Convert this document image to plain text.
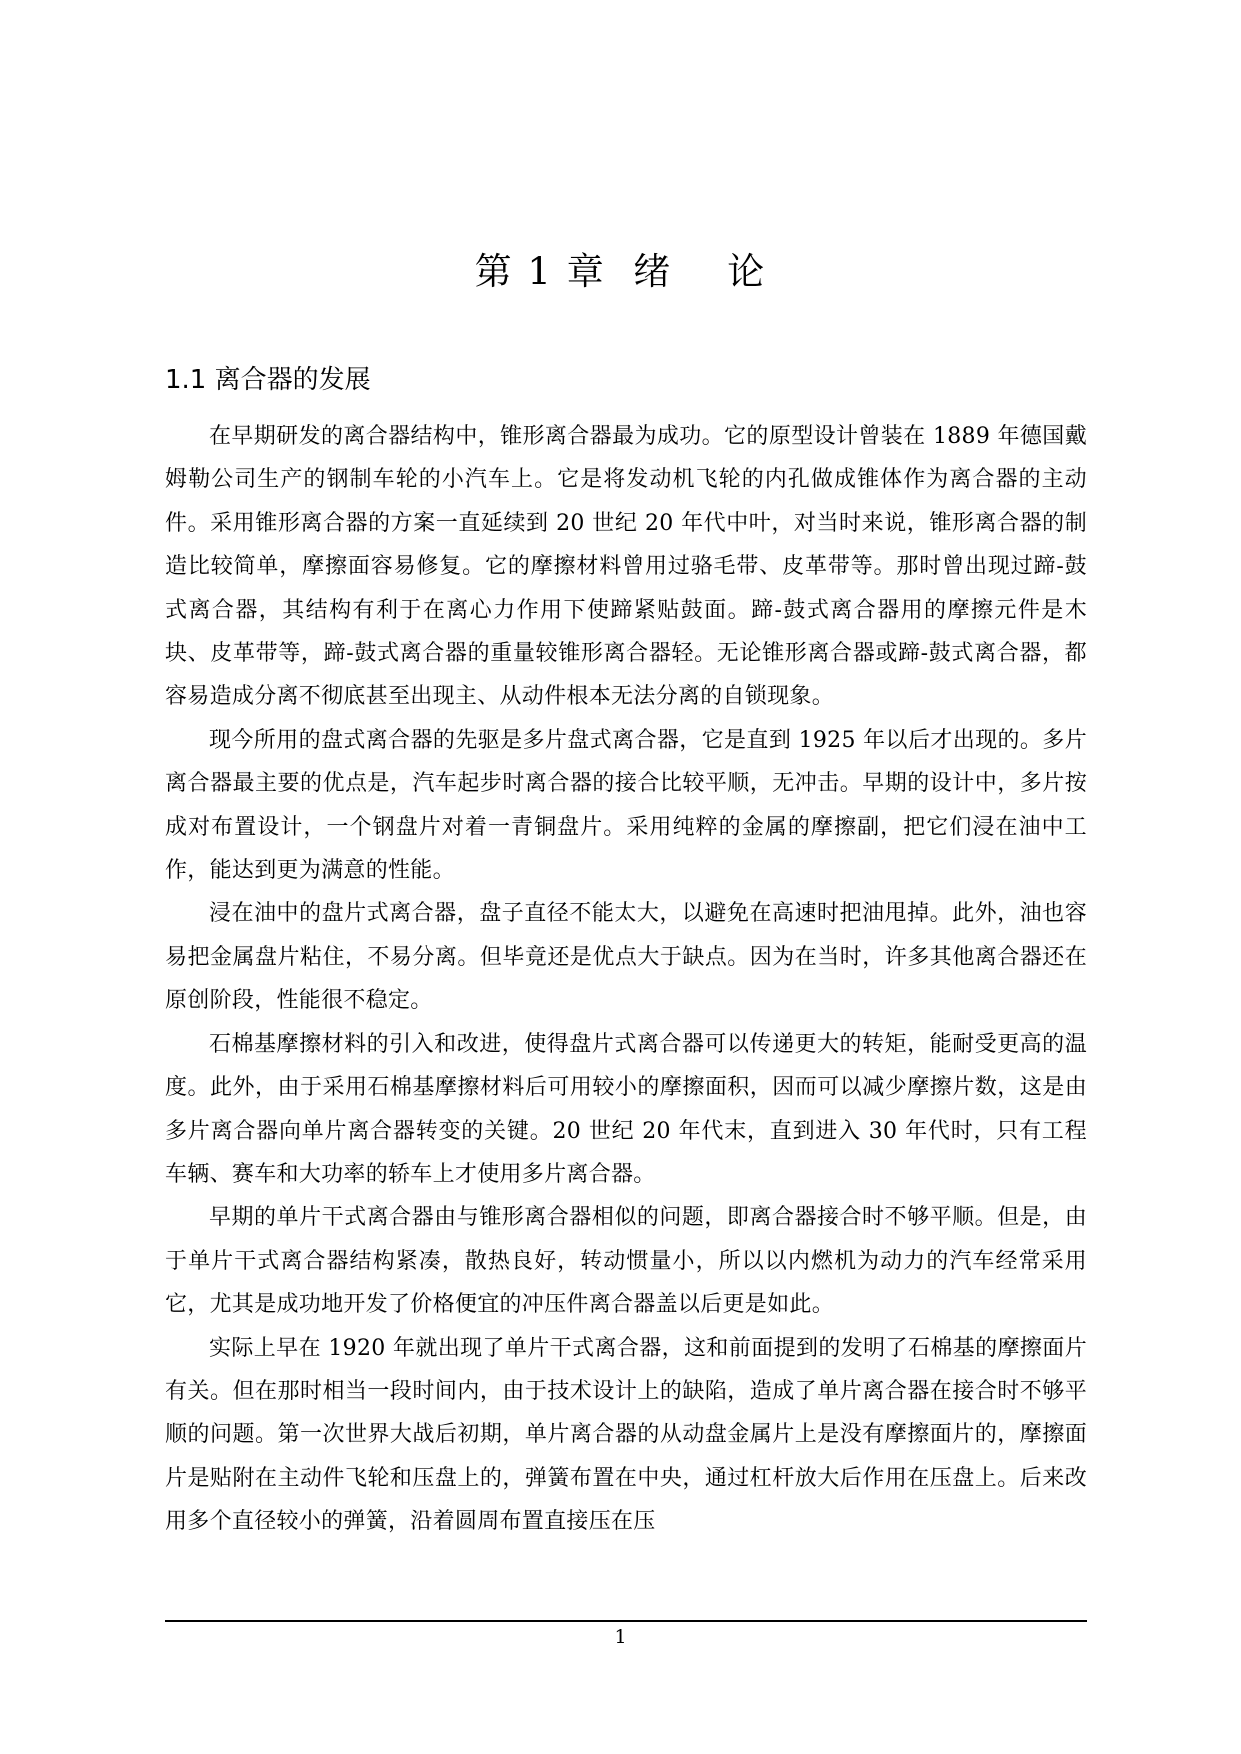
第 1 章  绪    论
1.1 离合器的发展

在早期研发的离合器结构中，锥形离合器最为成功。它的原型设计曾装在 1889 年德国戴姆勒公司生产的钢制车轮的小汽车上。它是将发动机飞轮的内孔做成锥体作为离合器的主动件。采用锥形离合器的方案一直延续到 20 世纪 20 年代中叶，对当时来说，锥形离合器的制造比较简单，摩擦面容易修复。它的摩擦材料曾用过骆毛带、皮革带等。那时曾出现过蹄-鼓式离合器，其结构有利于在离心力作用下使蹄紧贴鼓面。蹄-鼓式离合器用的摩擦元件是木块、皮革带等，蹄-鼓式离合器的重量较锥形离合器轻。无论锥形离合器或蹄-鼓式离合器，都容易造成分离不彻底甚至出现主、从动件根本无法分离的自锁现象。

现今所用的盘式离合器的先驱是多片盘式离合器，它是直到 1925 年以后才出现的。多片离合器最主要的优点是，汽车起步时离合器的接合比较平顺，无冲击。早期的设计中，多片按成对布置设计，一个钢盘片对着一青铜盘片。采用纯粹的金属的摩擦副，把它们浸在油中工作，能达到更为满意的性能。

浸在油中的盘片式离合器，盘子直径不能太大，以避免在高速时把油甩掉。此外，油也容易把金属盘片粘住，不易分离。但毕竟还是优点大于缺点。因为在当时，许多其他离合器还在原创阶段，性能很不稳定。

石棉基摩擦材料的引入和改进，使得盘片式离合器可以传递更大的转矩，能耐受更高的温度。此外，由于采用石棉基摩擦材料后可用较小的摩擦面积，因而可以减少摩擦片数，这是由多片离合器向单片离合器转变的关键。20 世纪 20 年代末，直到进入 30 年代时，只有工程车辆、赛车和大功率的轿车上才使用多片离合器。

早期的单片干式离合器由与锥形离合器相似的问题，即离合器接合时不够平顺。但是，由于单片干式离合器结构紧凑，散热良好，转动惯量小，所以以内燃机为动力的汽车经常采用它，尤其是成功地开发了价格便宜的冲压件离合器盖以后更是如此。

实际上早在 1920 年就出现了单片干式离合器，这和前面提到的发明了石棉基的摩擦面片有关。但在那时相当一段时间内，由于技术设计上的缺陷，造成了单片离合器在接合时不够平顺的问题。第一次世界大战后初期，单片离合器的从动盘金属片上是没有摩擦面片的，摩擦面片是贴附在主动件飞轮和压盘上的，弹簧布置在中央，通过杠杆放大后作用在压盘上。后来改用多个直径较小的弹簧，沿着圆周布置直接压在压

1
